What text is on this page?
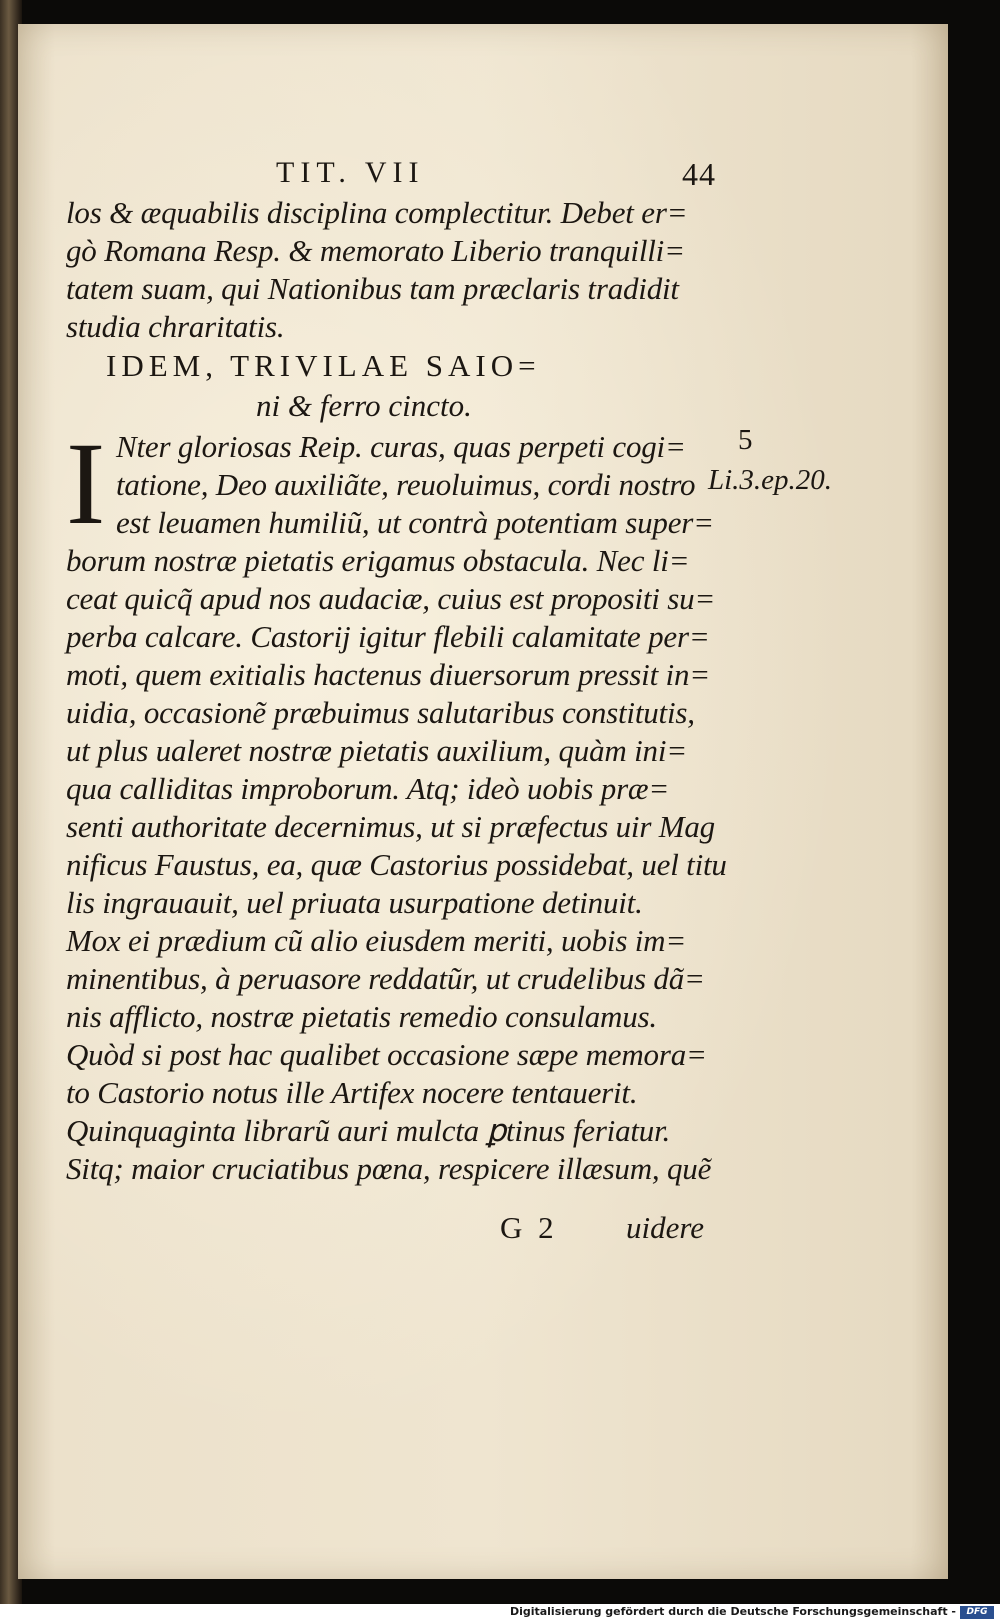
TIT. VII	44
los & æquabilis disciplina complectitur. Debet er=
gò Romana Resp. & memorato Liberio tranquilli=
tatem suam, qui Nationibus tam præclaris tradidit
studia chraritatis.
IDEM, TRIVILAE SAIO=
ni & ferro cincto.
I	5
Li.3.ep.20.
Nter gloriosas Reip. curas, quas perpeti cogi=
tatione, Deo auxiliãte, reuoluimus, cordi nostro
est leuamen humiliũ, ut contrà potentiam super=
borum nostræ pietatis erigamus obstacula. Nec li=
ceat quicq̃ apud nos audaciæ, cuius est propositi su=
perba calcare. Castorij igitur flebili calamitate per=
moti, quem exitialis hactenus diuersorum pressit in=
uidia, occasionẽ præbuimus salutaribus constitutis,
ut plus ualeret nostræ pietatis auxilium, quàm ini=
qua calliditas improborum. Atq; ideò uobis præ=
senti authoritate decernimus, ut si præfectus uir Mag
nificus Faustus, ea, quæ Castorius possidebat, uel titu
lis ingrauauit, uel priuata usurpatione detinuit.
Mox ei prædium cũ alio eiusdem meriti, uobis im=
minentibus, à peruasore reddatũr, ut crudelibus dã=
nis afflicto, nostræ pietatis remedio consulamus.
Quòd si post hac qualibet occasione sæpe memora=
to Castorio notus ille Artifex nocere tentauerit.
Quinquaginta librarũ auri mulcta ꝑtinus feriatur.
Sitq; maior cruciatibus pœna, respicere illæsum, quẽ
G 2 uidere
Digitalisierung gefördert durch die Deutsche Forschungsgemeinschaft -	DFG
